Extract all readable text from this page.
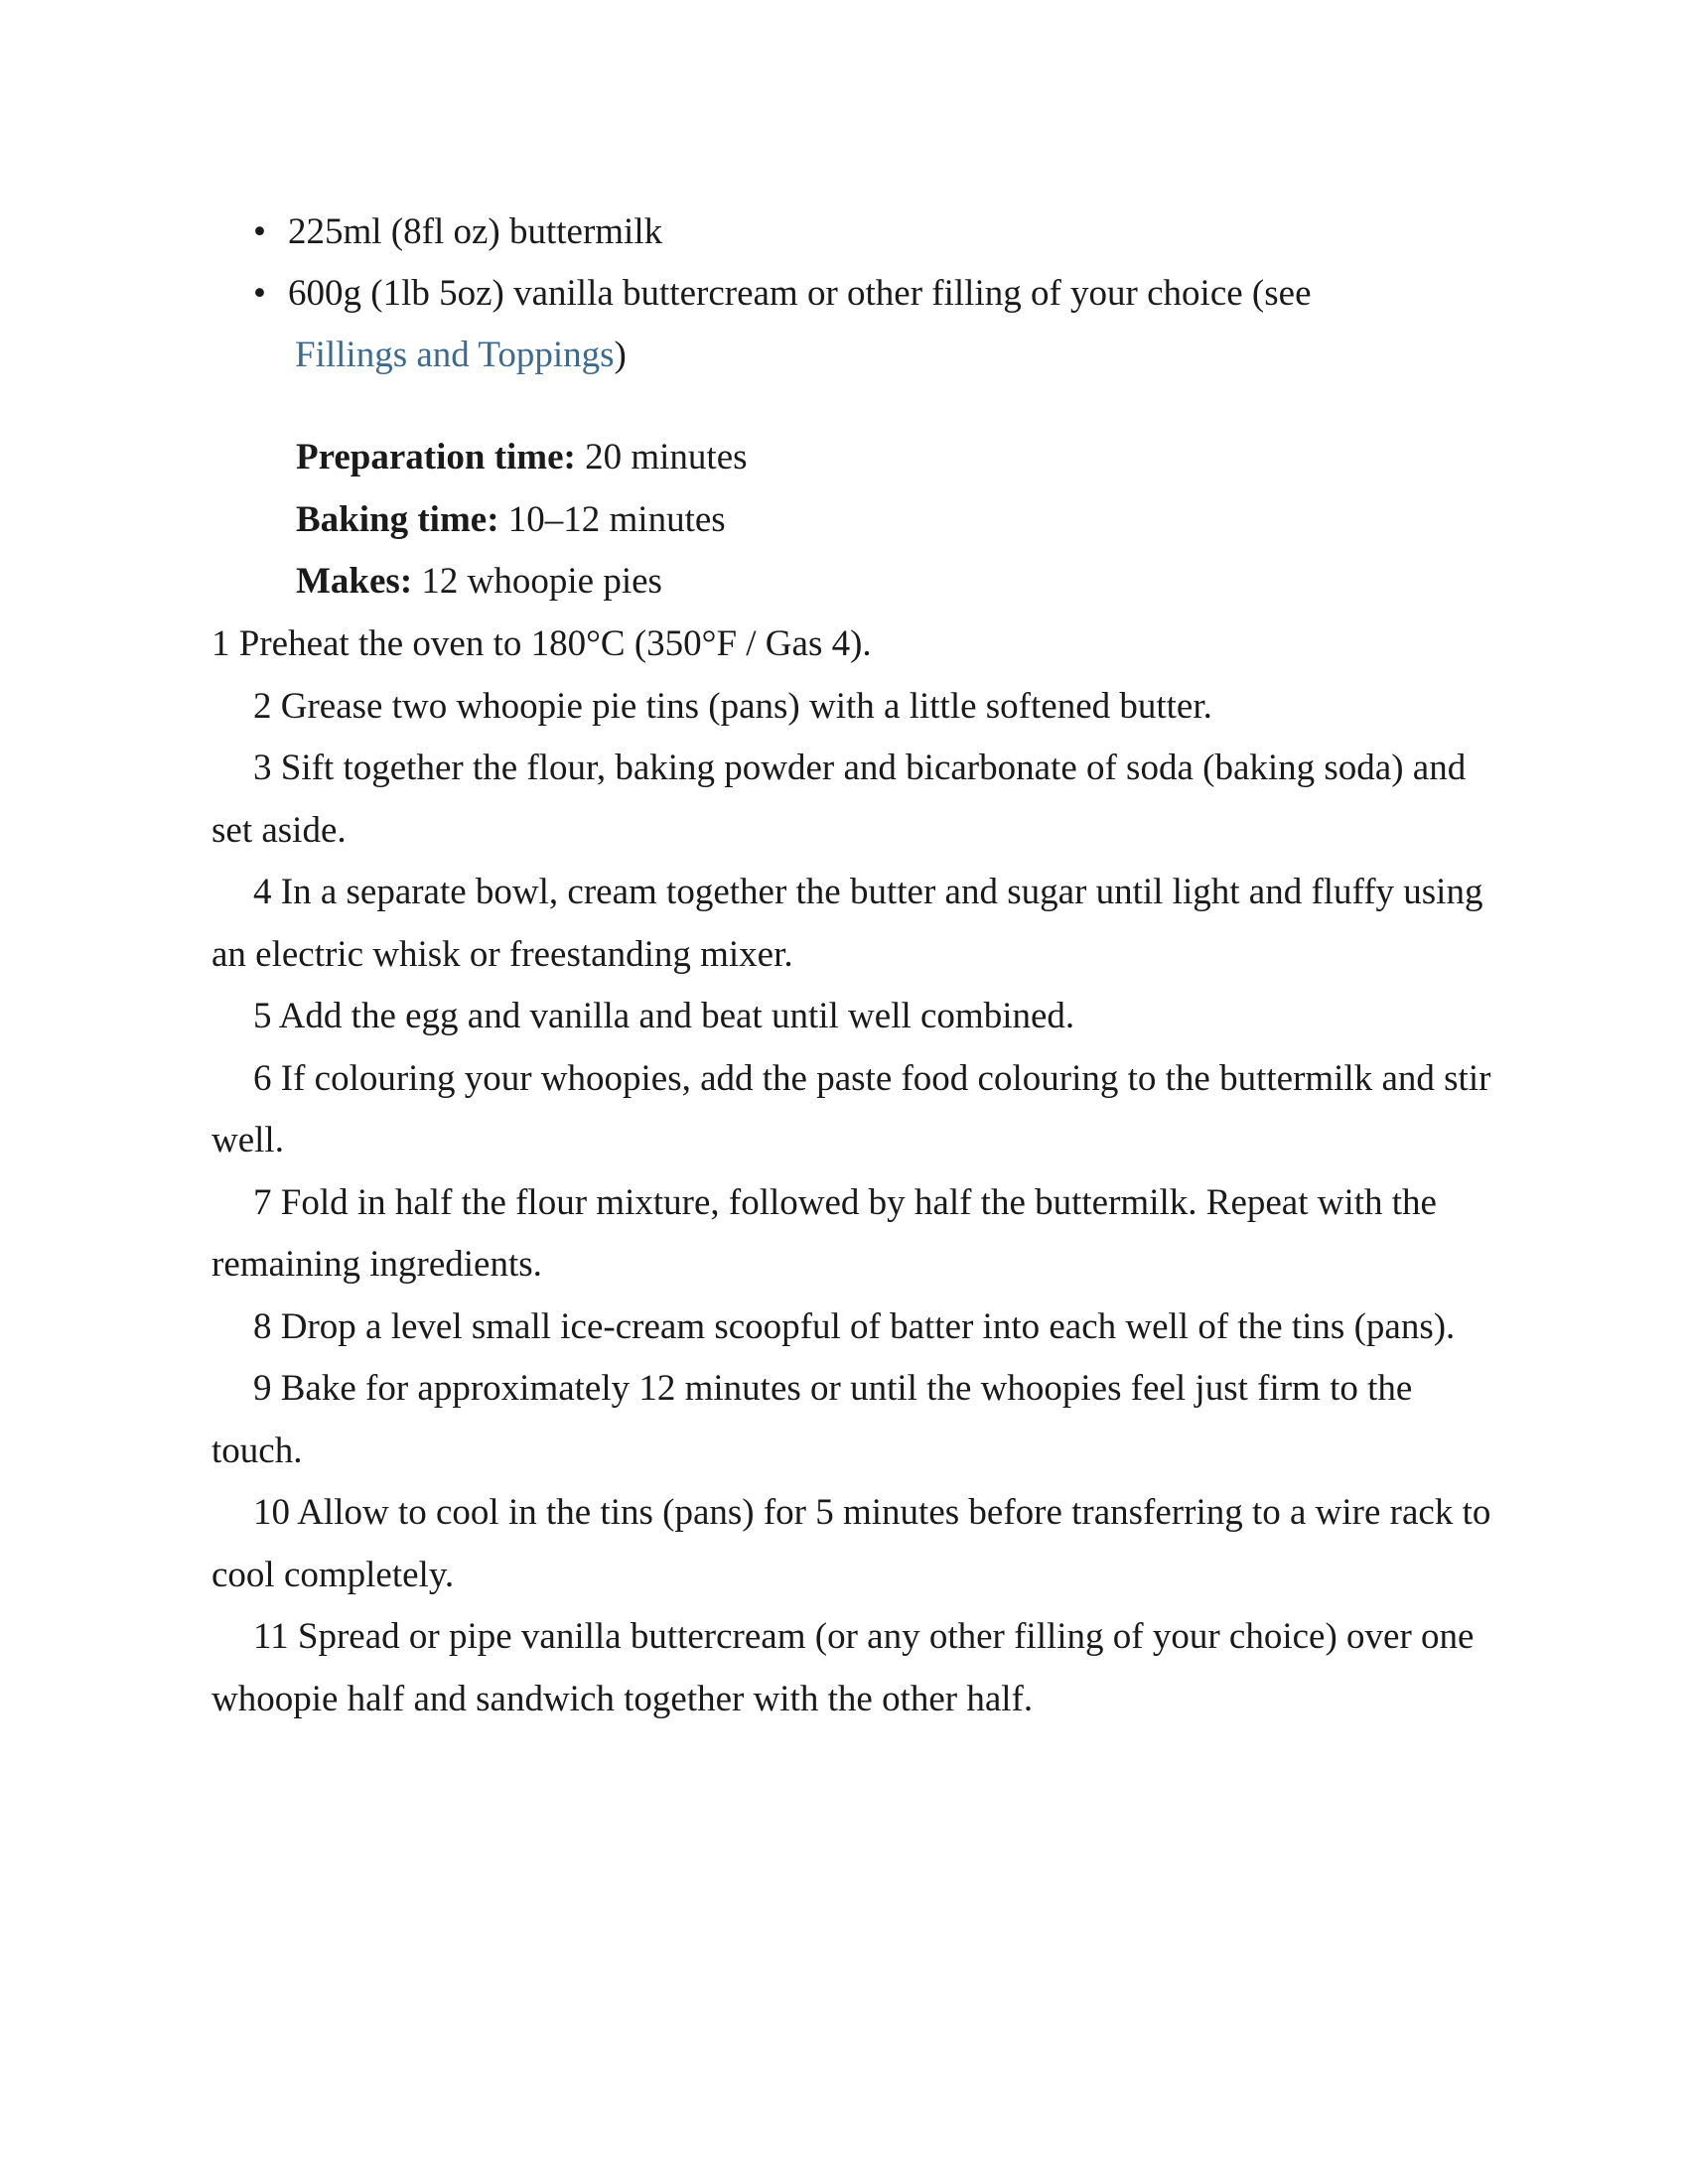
• 225ml (8fl oz) buttermilk
• 600g (1lb 5oz) vanilla buttercream or other filling of your choice (see
Fillings and Toppings)
Preparation time: 20 minutes
Baking time: 10–12 minutes
Makes: 12 whoopie pies

1 Preheat the oven to 180°C (350°F / Gas 4).

2 Grease two whoopie pie tins (pans) with a little softened butter.

3 Sift together the flour, baking powder and bicarbonate of soda (baking soda) and set aside.

4 In a separate bowl, cream together the butter and sugar until light and fluffy using an electric whisk or freestanding mixer.

5 Add the egg and vanilla and beat until well combined.

6 If colouring your whoopies, add the paste food colouring to the buttermilk and stir well.

7 Fold in half the flour mixture, followed by half the buttermilk. Repeat with the remaining ingredients.

8 Drop a level small ice-cream scoopful of batter into each well of the tins (pans).

9 Bake for approximately 12 minutes or until the whoopies feel just firm to the touch.

10 Allow to cool in the tins (pans) for 5 minutes before transferring to a wire rack to cool completely.

11 Spread or pipe vanilla buttercream (or any other filling of your choice) over one whoopie half and sandwich together with the other half.
